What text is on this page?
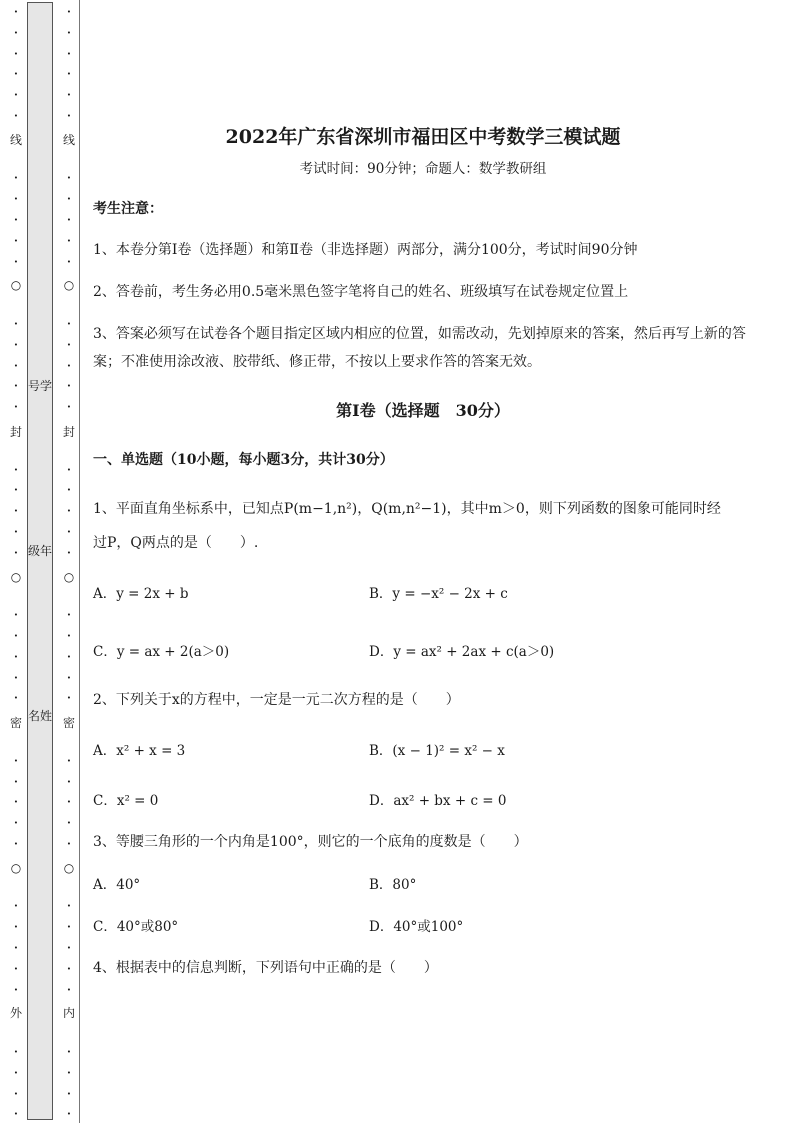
•
•
•
•
•
•
•
•
•
•
•
•
•
•
•
•
•
•
•
•
•
•
•
•
•
•
•
•
•
•
•
•
•
•
•
•
•
•
•
•
线
○
封
○
密
○
外
号学
级年
名姓
•
•
•
•
•
•
•
•
•
•
•
•
•
•
•
•
•
•
•
•
•
•
•
•
•
•
•
•
•
•
•
•
•
•
•
•
•
•
•
•
线
○
封
○
密
○
内
2022年广东省深圳市福田区中考数学三模试题
考试时间：90分钟；命题人：数学教研组
考生注意：
1、本卷分第Ⅰ卷（选择题）和第Ⅱ卷（非选择题）两部分，满分100分，考试时间90分钟
2、答卷前，考生务必用0.5毫米黑色签字笔将自己的姓名、班级填写在试卷规定位置上
3、答案必须写在试卷各个题目指定区域内相应的位置，如需改动，先划掉原来的答案，然后再写上新的答案；不准使用涂改液、胶带纸、修正带，不按以上要求作答的答案无效。
第Ⅰ卷（选择题　30分）
一、单选题（10小题，每小题3分，共计30分）
1、平面直角坐标系中，已知点P(m−1,n²)，Q(m,n²−1)，其中m＞0，则下列函数的图象可能同时经
过P，Q两点的是（　　）.
A．y = 2x + b	B．y = −x² − 2x + c
C．y = ax + 2(a＞0)	D．y = ax² + 2ax + c(a＞0)
2、下列关于x的方程中，一定是一元二次方程的是（　　）
A．x² + x = 3	B．(x − 1)² = x² − x
C．x² = 0	D．ax² + bx + c = 0
3、等腰三角形的一个内角是100°，则它的一个底角的度数是（　　）
A．40°	B．80°
C．40°或80°	D．40°或100°
4、根据表中的信息判断，下列语句中正确的是（　　）
